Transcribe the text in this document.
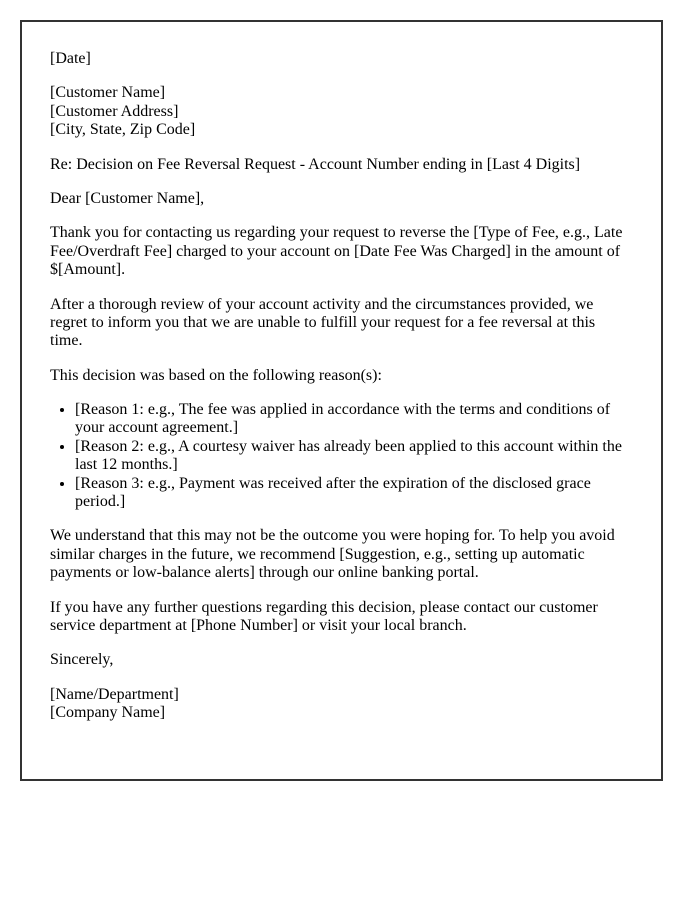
[Date]

[Customer Name]
[Customer Address]
[City, State, Zip Code]

Re: Decision on Fee Reversal Request - Account Number ending in [Last 4 Digits]

Dear [Customer Name],

Thank you for contacting us regarding your request to reverse the [Type of Fee, e.g., Late Fee/Overdraft Fee] charged to your account on [Date Fee Was Charged] in the amount of $[Amount].

After a thorough review of your account activity and the circumstances provided, we regret to inform you that we are unable to fulfill your request for a fee reversal at this time.

This decision was based on the following reason(s):

• [Reason 1: e.g., The fee was applied in accordance with the terms and conditions of your account agreement.]
• [Reason 2: e.g., A courtesy waiver has already been applied to this account within the last 12 months.]
• [Reason 3: e.g., Payment was received after the expiration of the disclosed grace period.]

We understand that this may not be the outcome you were hoping for. To help you avoid similar charges in the future, we recommend [Suggestion, e.g., setting up automatic payments or low-balance alerts] through our online banking portal.

If you have any further questions regarding this decision, please contact our customer service department at [Phone Number] or visit your local branch.

Sincerely,

[Name/Department]
[Company Name]
